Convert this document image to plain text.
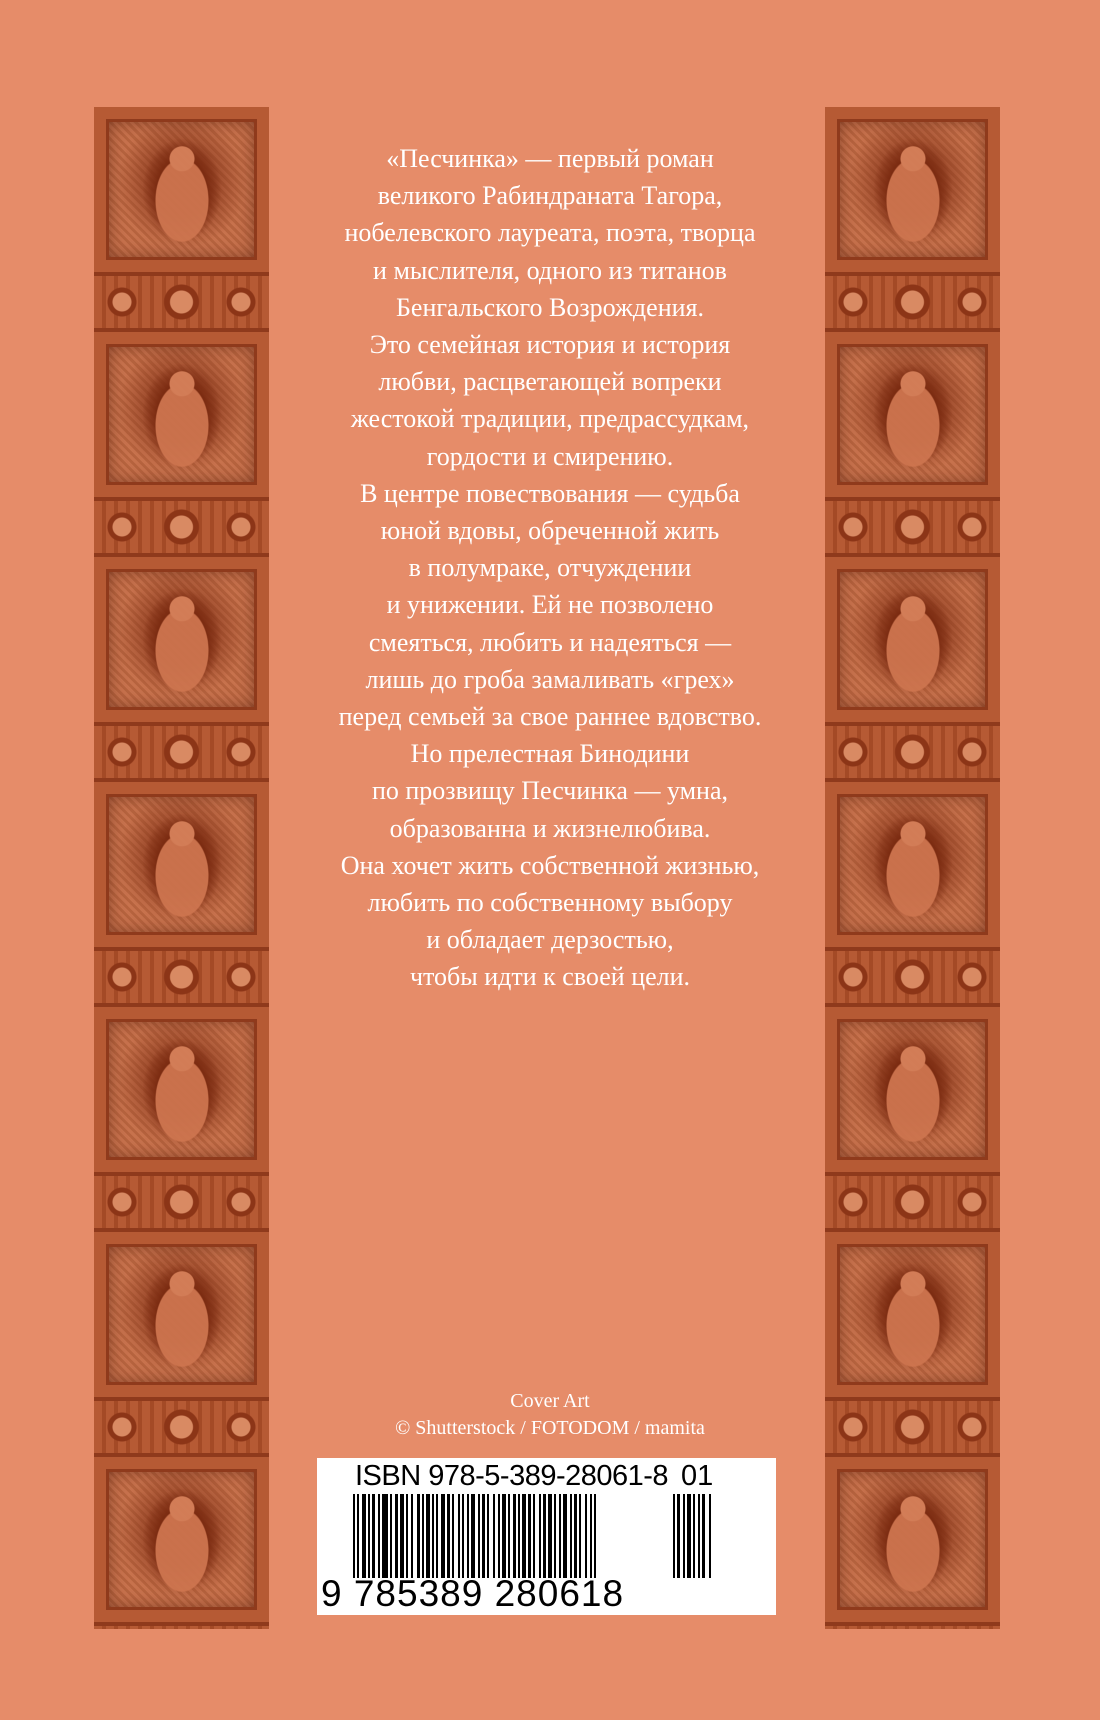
«Песчинка» — первый роман
великого Рабиндраната Тагора,
нобелевского лауреата, поэта, творца
и мыслителя, одного из титанов
Бенгальского Возрождения.
Это семейная история и история
любви, расцветающей вопреки
жестокой традиции, предрассудкам,
гордости и смирению.
В центре повествования — судьба
юной вдовы, обреченной жить
в полумраке, отчуждении
и унижении. Ей не позволено
смеяться, любить и надеяться —
лишь до гроба замаливать «грех»
перед семьей за свое раннее вдовство.
Но прелестная Бинодини
по прозвищу Песчинка — умна,
образованна и жизнелюбива.
Она хочет жить собственной жизнью,
любить по собственному выбору
и обладает дерзостью,
чтобы идти к своей цели.

Cover Art
© Shutterstock / FOTODOM / mamita
ISBN 978-5-389-28061-8 01
9 785389 280618
